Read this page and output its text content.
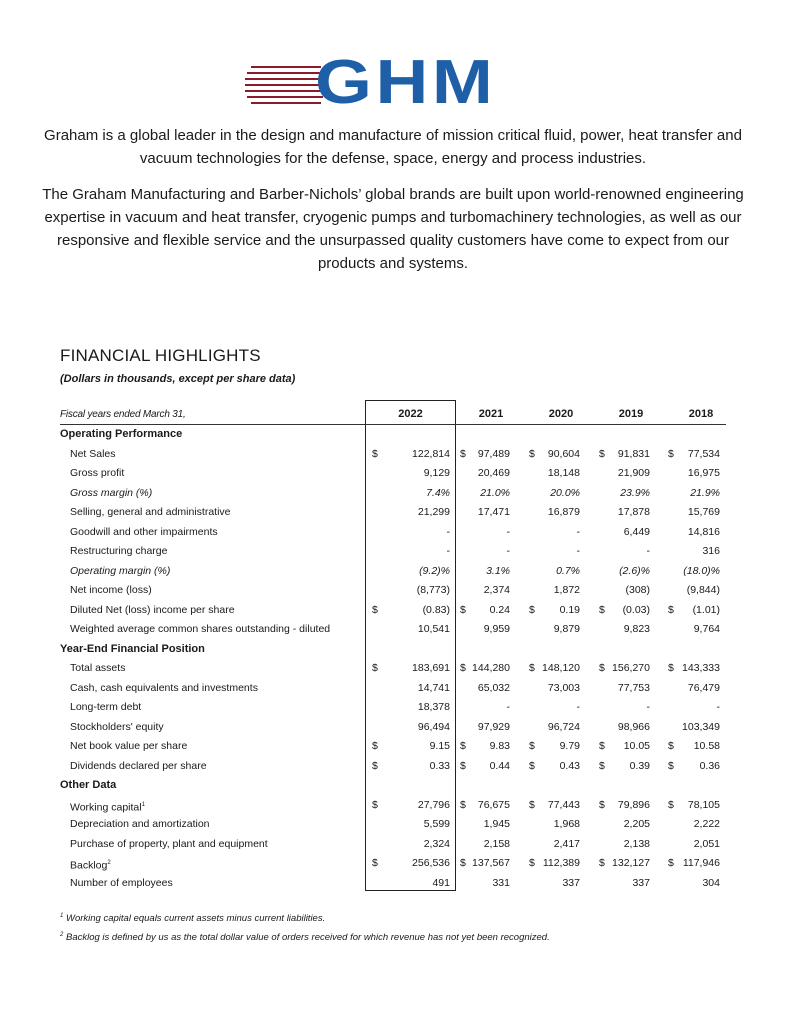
GHM

Graham is a global leader in the design and manufacture of mission critical fluid, power, heat transfer and vacuum technologies for the defense, space, energy and process industries.

The Graham Manufacturing and Barber-Nichols’ global brands are built upon world-renowned engineering expertise in vacuum and heat transfer, cryogenic pumps and turbomachinery technologies, as well as our responsive and flexible service and the unsurpassed quality customers have come to expect from our products and systems.

FINANCIAL HIGHLIGHTS
(Dollars in thousands, except per share data)
Fiscal years ended March 31,	2022	2021	2020	2019	2018
Operating Performance
Net Sales	$	122,814 $ 97,489 $ 90,604 $ 91,831 $ 77,534
Gross profit	9,129	20,469	18,148	21,909	16,975
Gross margin (%)	7.4%	21.0%	20.0%	23.9%	21.9%
Selling, general and administrative	21,299	17,471	16,879	17,878	15,769
Goodwill and other impairments	-	-	-	6,449	14,816
Restructuring charge	-	-	-	-	316
Operating margin (%)	(9.2)%	3.1%	0.7%	(2.6)%	(18.0)%
Net income (loss)	(8,773)	2,374	1,872	(308)	(9,844)
Diluted Net (loss) income per share	$	(0.83) $ 0.24 $ 0.19 $ (0.03) $ (1.01)
Weighted average common shares outstanding - diluted	10,541	9,959	9,879	9,823	9,764
Year-End Financial Position
Total assets	$	183,691 $ 144,280 $ 148,120 $ 156,270 $ 143,333
Cash, cash equivalents and investments	14,741	65,032	73,003	77,753	76,479
Long-term debt	18,378	-	-	-	-
Stockholders' equity	96,494	97,929	96,724	98,966	103,349
Net book value per share	$	9.15 $ 9.83 $ 9.79 $ 10.05 $ 10.58
Dividends declared per share	$	0.33 $ 0.44 $ 0.43 $ 0.39 $ 0.36
Other Data
Working capital$^1$	$	27,796 $ 76,675 $ 77,443 $ 79,896 $ 78,105
Depreciation and amortization	5,599	1,945	1,968	2,205	2,222
Purchase of property, plant and equipment	2,324	2,158	2,417	2,138	2,051
Backlog$^2$	$	256,536 $ 137,567 $ 112,389 $ 132,127 $ 117,946
Number of employees	491	331	337	337	304
$^1$ Working capital equals current assets minus current liabilities.
$^2$ Backlog is defined by us as the total dollar value of orders received for which revenue has not yet been recognized.
